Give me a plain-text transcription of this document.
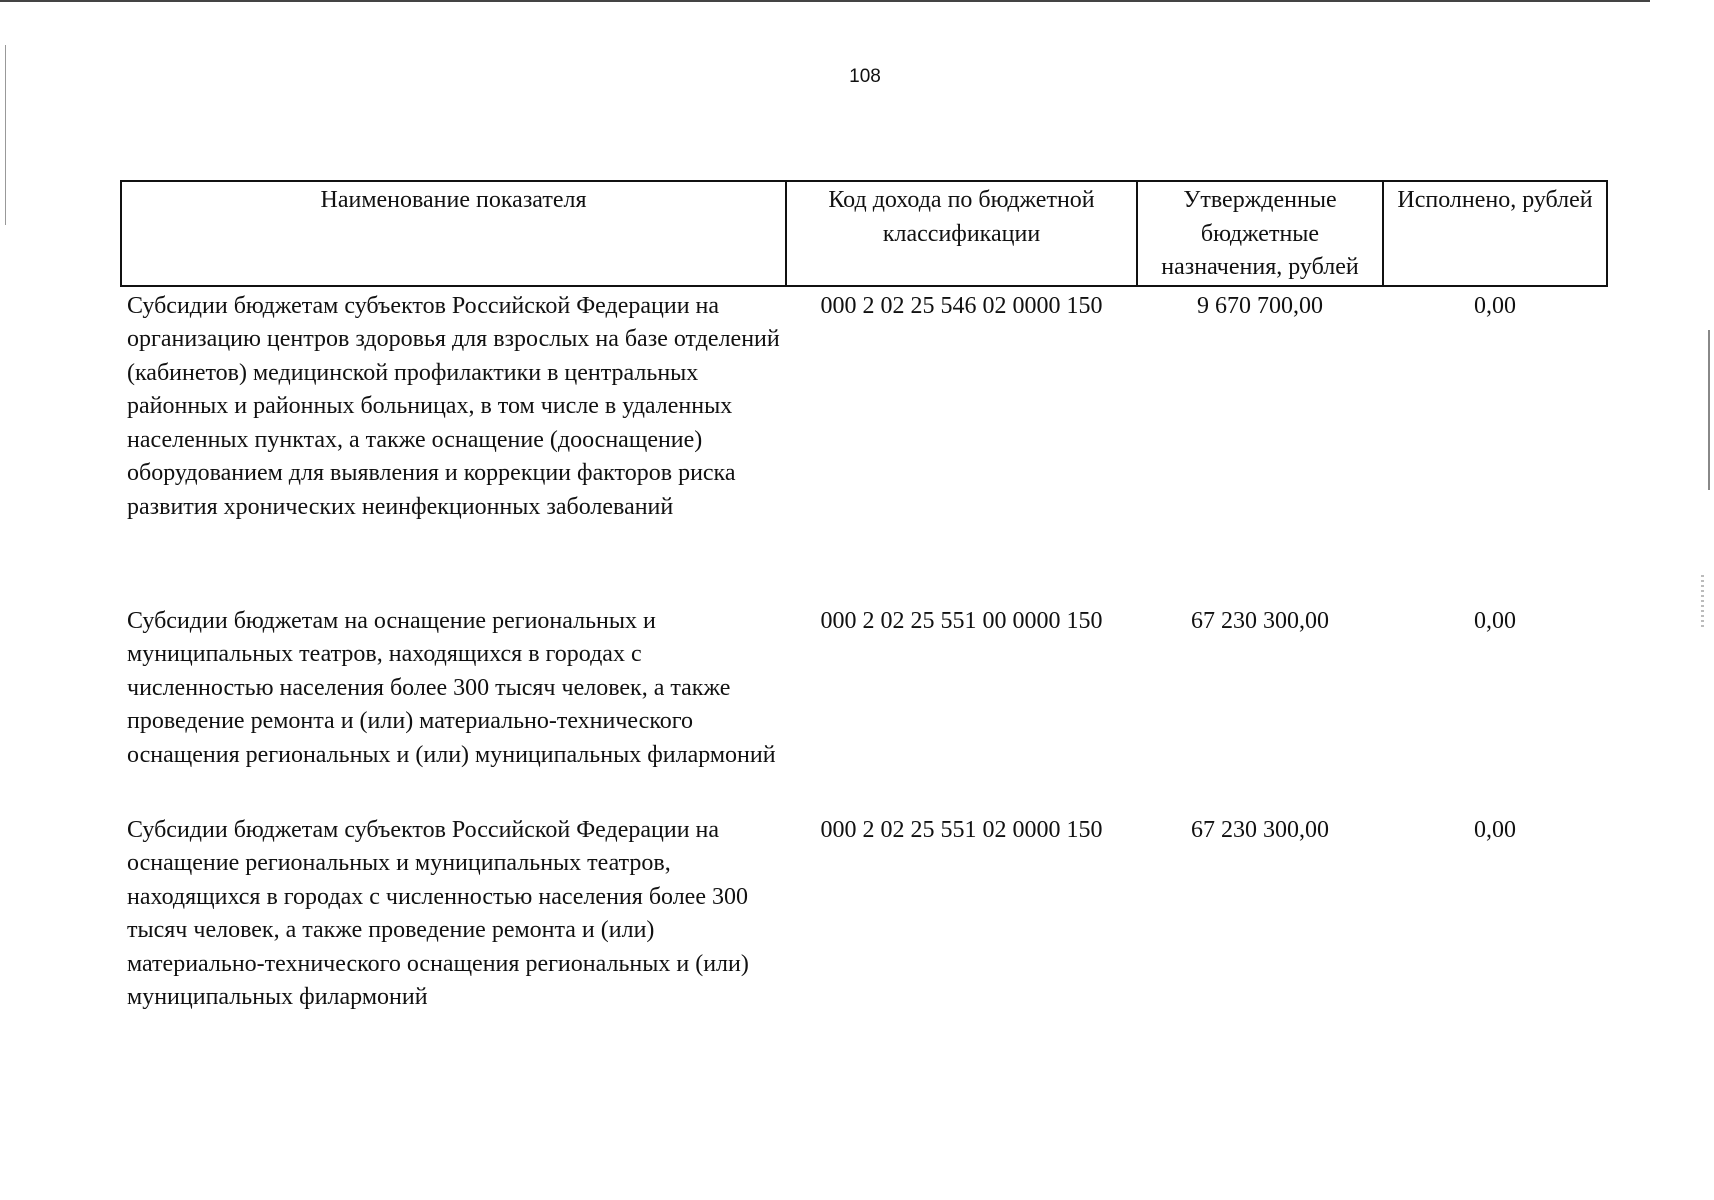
108
Наименование показателя	Код дохода по бюджетной классификации	Утвержденные бюджетные назначения, рублей	Исполнено, рублей
Субсидии бюджетам субъектов Российской Федерации на организацию центров здоровья для взрослых на базе отделений (кабинетов) медицинской профилактики в центральных районных и районных больницах, в том числе в удаленных населенных пунктах, а также оснащение (дооснащение) оборудованием для выявления и коррекции факторов риска развития хронических неинфекционных заболеваний	000 2 02 25 546 02 0000 150	9 670 700,00	0,00
Субсидии бюджетам на оснащение региональных и муниципальных театров, находящихся в городах с численностью населения более 300 тысяч человек, а также проведение ремонта и (или) материально-технического оснащения региональных и (или) муниципальных филармоний	000 2 02 25 551 00 0000 150	67 230 300,00	0,00
Субсидии бюджетам субъектов Российской Федерации на оснащение региональных и муниципальных театров, находящихся в городах с численностью населения более 300 тысяч человек, а также проведение ремонта и (или) материально-технического оснащения региональных и (или) муниципальных филармоний	000 2 02 25 551 02 0000 150	67 230 300,00	0,00
